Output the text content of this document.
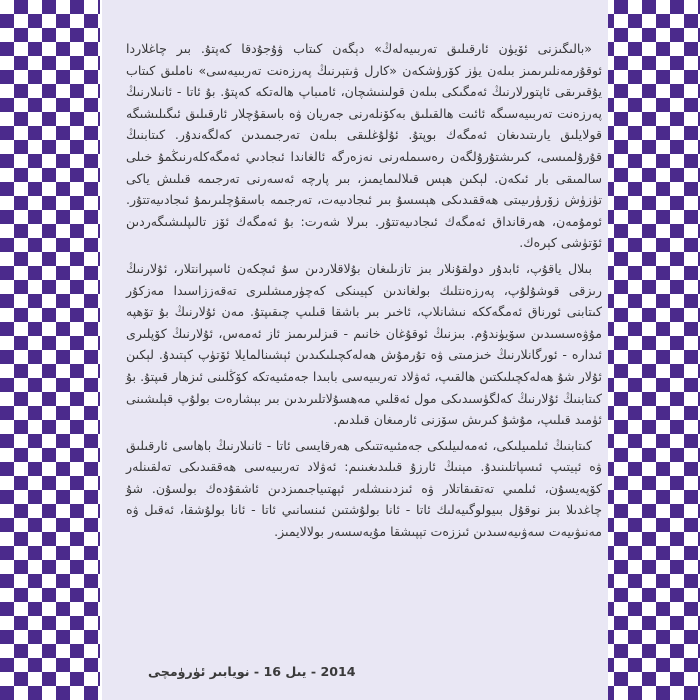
«بالىگىزنى ئۆيۈن ئارقىلىق تەربىيەلەڭ» دېگەن كىتاب ۋۇجۇدقا كەپتۇ. بىر چاغلاردا ئوقۇرمەنلىرىمىز بىلەن يۈز كۆرۈشكەن «كارل ۋىتېرنىڭ پەرزەنت تەربىيەسى» ناملىق كىتاب يۇقىرىقى ئاپتورلارنىڭ ئەمگىكى بىلەن قولىنىشچان، ئامىباپ ھالەتكە كەپتۇ. بۇ ئاتا - ئانىلارنىڭ پەرزەنت تەربىيەسىگە ئائىت ھالقىلىق بەكۆنلەرنى جەريان ۋە باسقۇچلار ئارقىلىق ئىگىلىشىگە قولايلىق يارىتىدىغان ئەمگەك بوپتۇ. ئۇلۇغلىقى بىلەن تەرجىمىدىن كەلگەندۇر. كىتابنىڭ قۇرۇلمىسى، كىرىشتۇرۇلگەن رەسىملەرنى نەزەرگە ئالغاندا ئىجادىي ئەمگەكلەرنىڭمۇ خىلى سالمىقى بار ئىكەن. لېكىن ھېس قىلالىمايمىز، بىر پارچە ئەسەرنى تەرجىمە قىلىش ياكى تۈزۈش زۆرۈرىيىتى ھەققىدىكى ھېسسۇ بىر ئىجادىيەت، تەرجىمە باسقۇچلىرىمۇ ئىجادىيەتتۇر. ئومۇمەن، ھەرقانداق ئەمگەك ئىجادىيەتتۇر. بىرلا شەرت: بۇ ئەمگەك ئۆز تالىپلىشىگەردىن ئۆتۈشى كېرەك.

بىلال ياقۇپ، ئابدۇر دولقۇنلار بىز تازىلىغان بۇلاقلاردىن سۇ ئىچكەن ئاسپرانتلار، ئۇلارنىڭ رىزقى قوشۇلۇپ، پەرزەنتلىك بولغاندىن كېيىنكى كەچۈرمىشلىرى تەقەززاسىدا مەزكۇر كىتابنى ئورناق ئەمگەككە نىشانلاپ، ئاخىر بىر باشقا قىلىپ چىقىپتۇ. مەن ئۇلارنىڭ بۇ تۆھپە مۇۋەسسىدىن سۆيۈندۇم. بىزنىڭ ئوقۇغان خانىم - قىزلىرىمىز ئاز ئەمەس، ئۇلارنىڭ كۆپلىرى ئىدارە - ئورگانلارنىڭ خىزمىتى ۋە تۇرمۇش ھەلەكچىلىكىدىن ئېشىنالمايلا ئۆتۈپ كېتىدۇ. لېكىن ئۇلار شۇ ھەلەكچىلىكتىن ھالقىپ، ئەۋلاد تەربىيەسى بابىدا جەمئىيەتكە كۆڭلىنى ئىزھار قىپتۇ. بۇ كىتابنىڭ ئۇلارنىڭ كەلگۈسىدىكى مول ئەقلىي مەھسۇلاتلىرىدىن بىر بېشارەت بولۇپ قېلىشىنى ئۈمىد قىلىپ، مۇشۇ كىرىش سۆزنى ئارمىغان قىلدىم.

كىتابنىڭ ئىلمىيلىكى، ئەمەلىيلىكى جەمئىيەتتىكى ھەرقايسى ئاتا - ئانىلارنىڭ باھاسى ئارقىلىق ۋە ئېيتىپ ئىسپاتلىنىدۇ. مېنىڭ ئارزۇ قىلىدىغىنىم: ئەۋلاد تەربىيەسى ھەققىدىكى تەلقىنلەر كۆپەيسۇن، ئىلمىي تەتقىقاتلار ۋە ئىزدىنىشلەر ئېھتىياجىمىزدىن ئاشقۇدەك بولسۇن. شۇ چاغدىلا بىز نوقۇل بىيولوگىيەلىك ئاتا - ئانا بولۇشتىن ئىنسانىي ئاتا - ئانا بولۇشقا، ئەقىل ۋە مەنىۋىيەت سەۋىيەسىدىن ئىززەت تېپىشقا مۇيەسسەر بولالايمىز.

2014 - يىل 16 - نويابىر ئۈرۈمچى
